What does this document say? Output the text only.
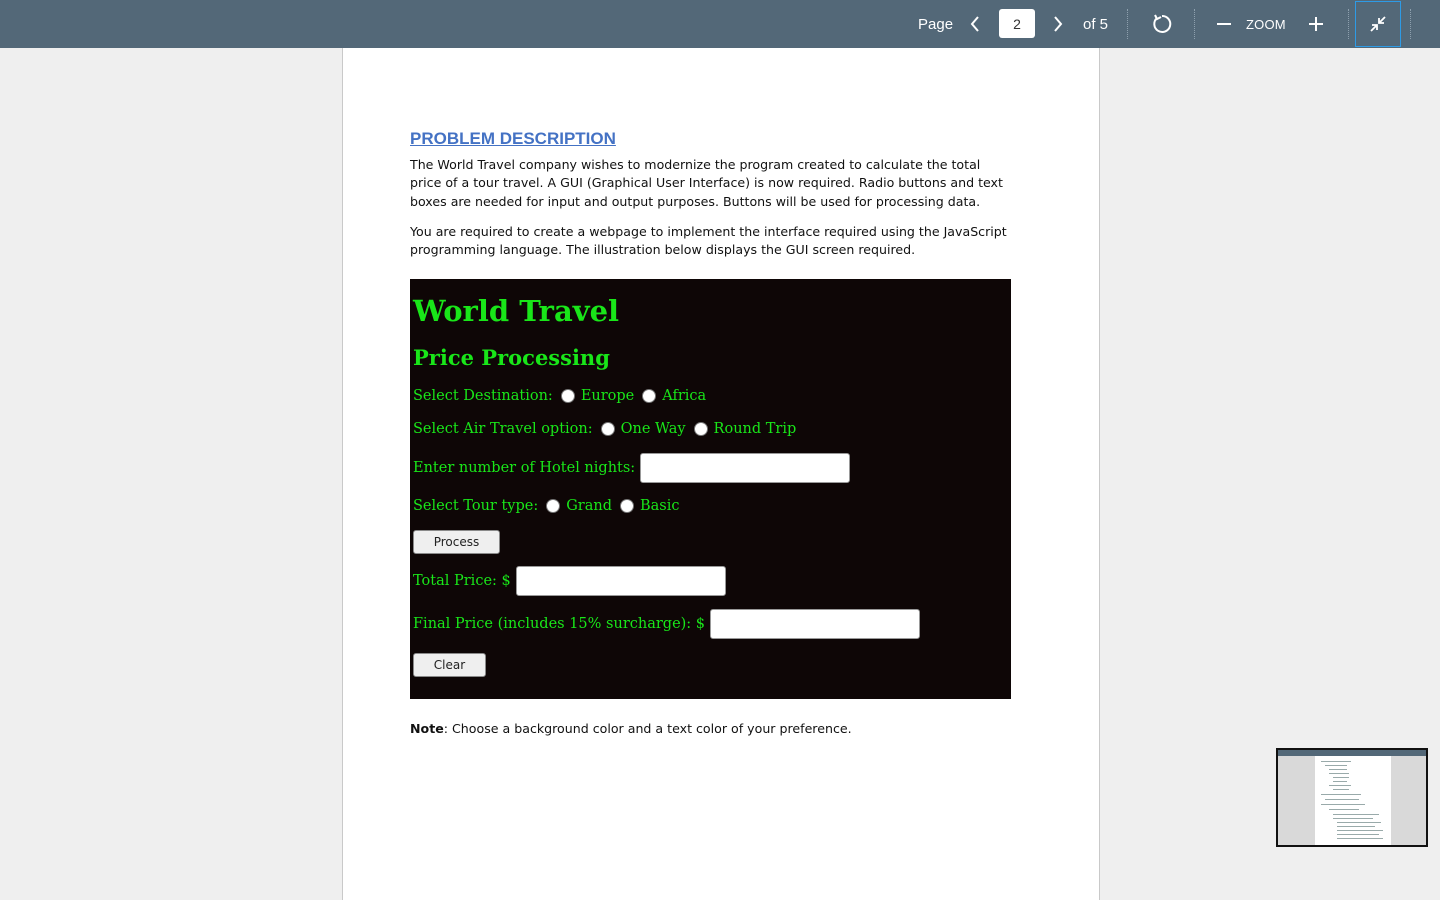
Page
2	of 5	ZOOM
PROBLEM DESCRIPTION

The World Travel company wishes to modernize the program created to calculate the total price of a tour travel. A GUI (Graphical User Interface) is now required. Radio buttons and text boxes are needed for input and output purposes. Buttons will be used for processing data.

You are required to create a webpage to implement the interface required using the JavaScript programming language. The illustration below displays the GUI screen required.

World Travel
Price Processing
Select Destination: Europe Africa
Select Air Travel option: One Way Round Trip
Enter number of Hotel nights:
Select Tour type: Grand Basic
Process
Total Price: $
Final Price (includes 15% surcharge): $
Clear
Note: Choose a background color and a text color of your preference.
